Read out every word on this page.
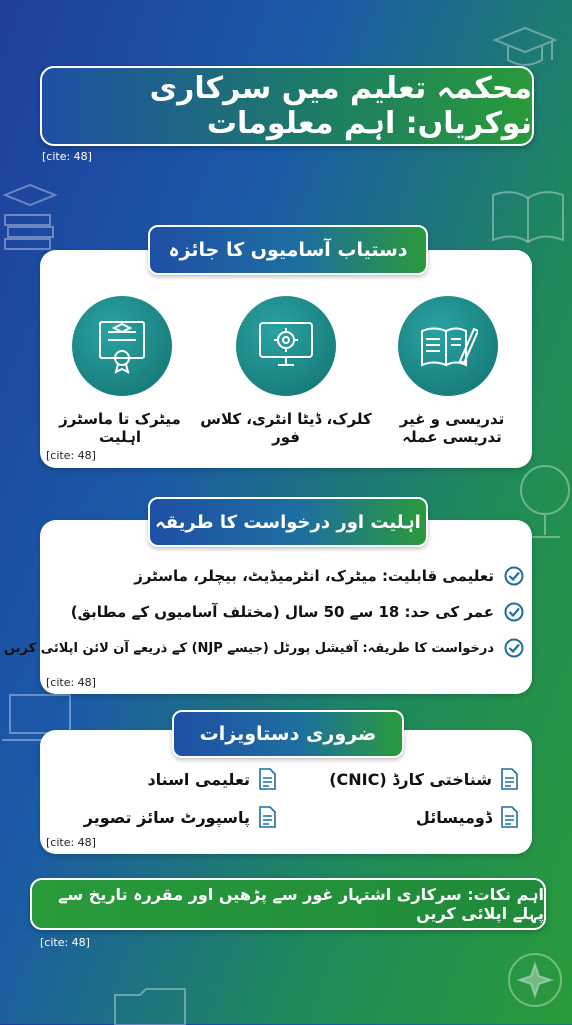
محکمہ تعلیم میں سرکاری نوکریاں: اہم معلومات
[cite: 48]
دستیاب آسامیوں کا جائزہ
تدریسی و غیر تدریسی عملہ
کلرک، ڈیٹا انٹری، کلاس فور
میٹرک تا ماسٹرز اہلیت
[cite: 48]
اہلیت اور درخواست کا طریقہ
تعلیمی قابلیت: میٹرک، انٹرمیڈیٹ، بیچلر، ماسٹرز
عمر کی حد: 18 سے 50 سال (مختلف آسامیوں کے مطابق)
درخواست کا طریقہ: آفیشل پورٹل (جیسے NJP) کے ذریعے آن لائن اپلائی کریں
[cite: 48]
ضروری دستاویزات
شناختی کارڈ (CNIC)
تعلیمی اسناد
ڈومیسائل
پاسپورٹ سائز تصویر
[cite: 48]
اہم نکات: سرکاری اشتہار غور سے پڑھیں اور مقررہ تاریخ سے پہلے اپلائی کریں
[cite: 48]
